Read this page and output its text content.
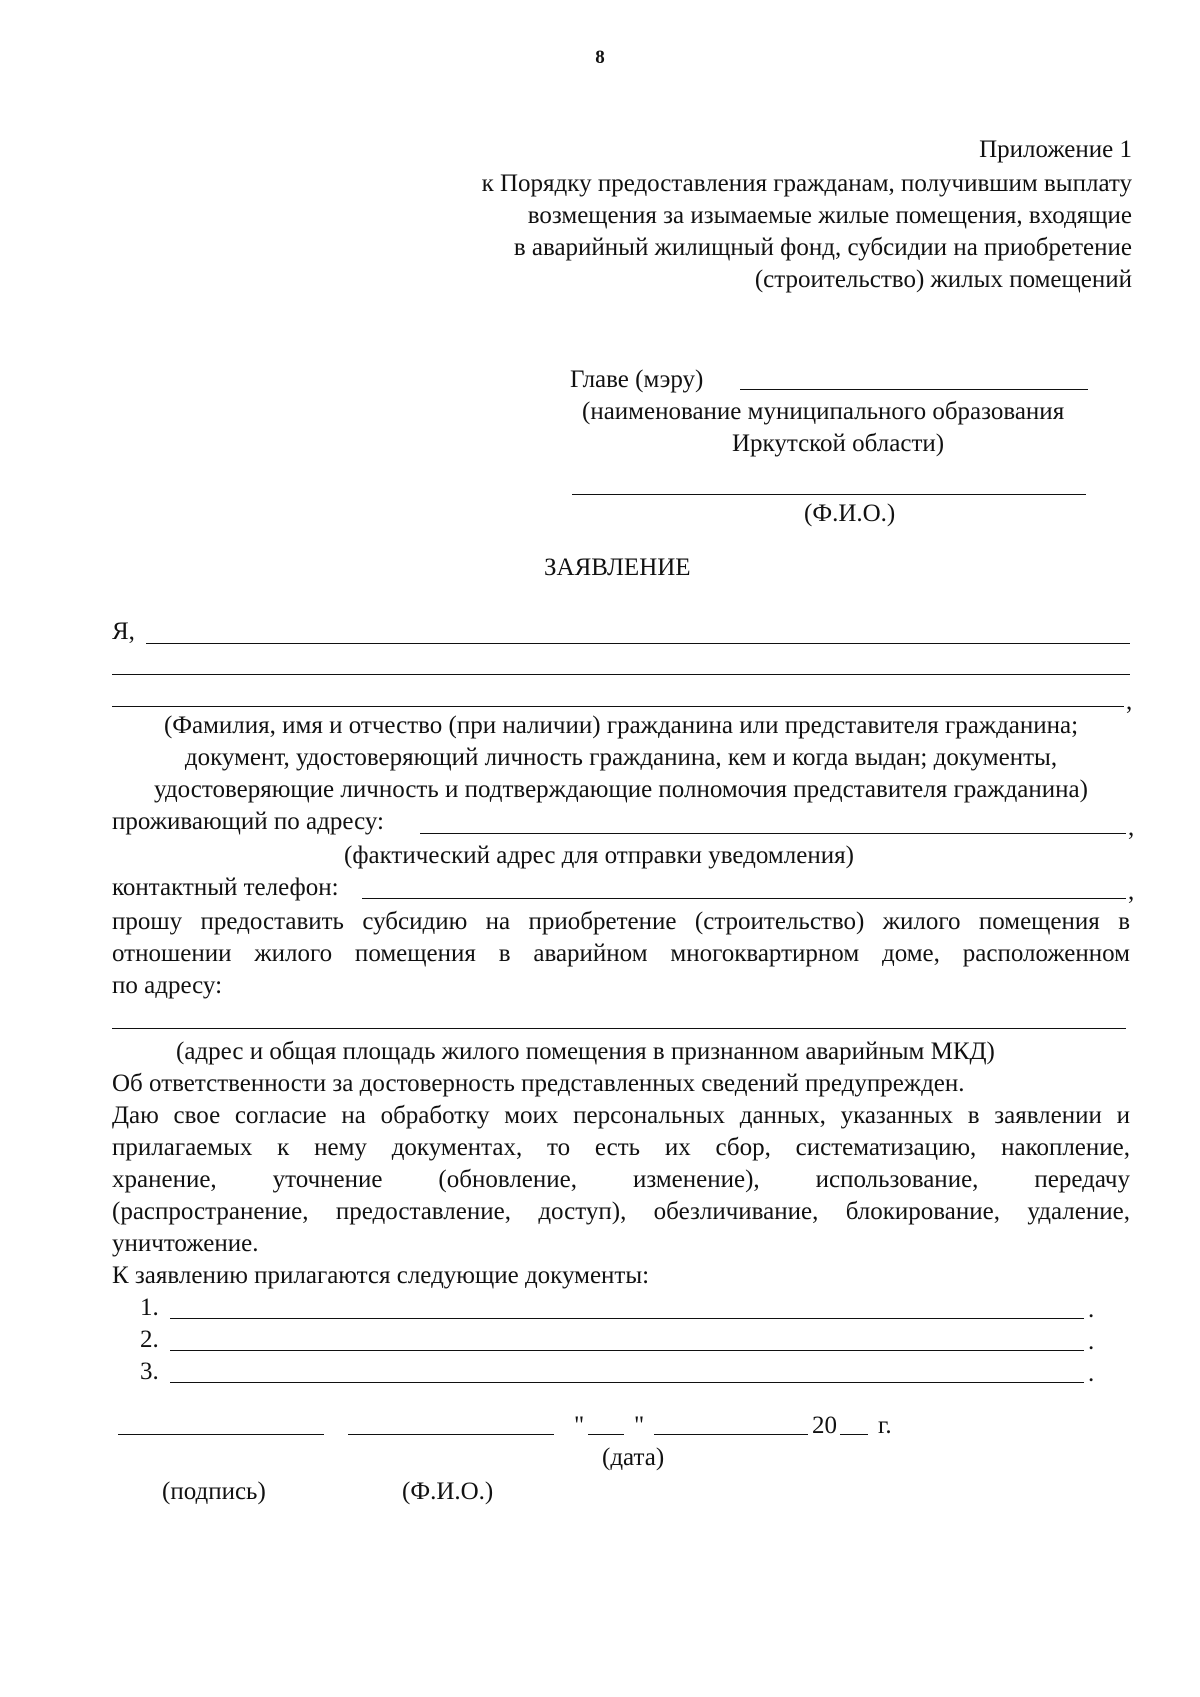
8
Приложение 1
к Порядку предоставления гражданам, получившим выплату
возмещения за изымаемые жилые помещения, входящие
в аварийный жилищный фонд, субсидии на приобретение
(строительство) жилых помещений
Главе (мэру)
(наименование муниципального образования
Иркутской области)
(Ф.И.О.)
ЗАЯВЛЕНИЕ
Я,
,
(Фамилия, имя и отчество (при наличии) гражданина или представителя гражданина;
документ, удостоверяющий личность гражданина, кем и когда выдан; документы,
удостоверяющие личность и подтверждающие полномочия представителя гражданина)
проживающий по адресу:	,
(фактический адрес для отправки уведомления)
контактный телефон:	,
прошу предоставить субсидию на приобретение (строительство) жилого помещения в
отношении жилого помещения в аварийном многоквартирном доме, расположенном
по адресу:
(адрес и общая площадь жилого помещения в признанном аварийным МКД)
Об ответственности за достоверность представленных сведений предупрежден.
Даю свое согласие на обработку моих персональных данных, указанных в заявлении и
прилагаемых к нему документах, то есть их сбор, систематизацию, накопление,
хранение, уточнение (обновление, изменение), использование, передачу
(распространение, предоставление, доступ), обезличивание, блокирование, удаление,
уничтожение.
К заявлению прилагаются следующие документы:
1.	.
2.	.
3.	.
" "	20 г.
(дата)
(подпись)	(Ф.И.О.)
